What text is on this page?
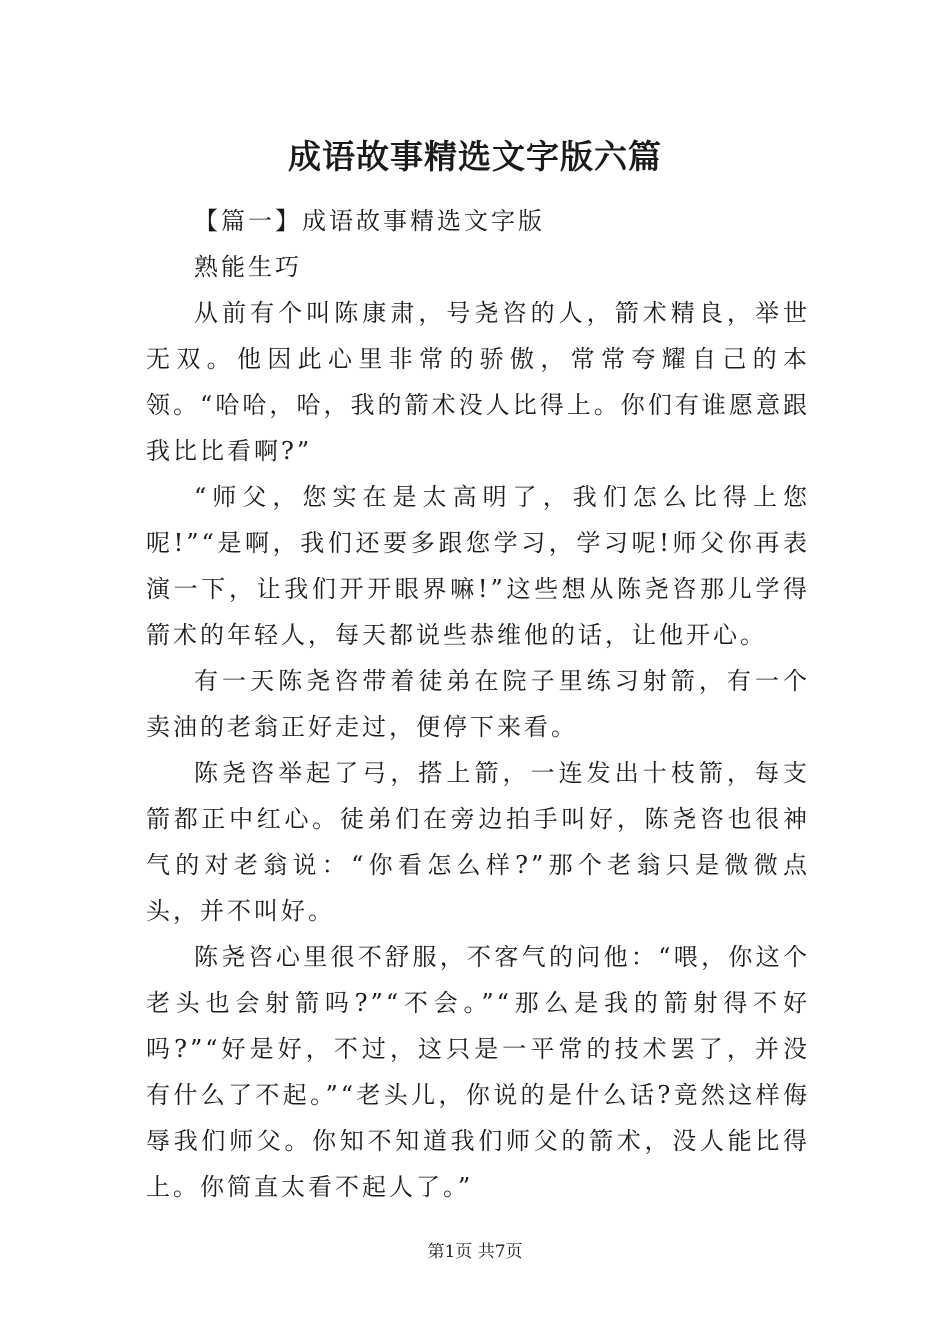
成语故事精选文字版六篇

【篇一】成语故事精选文字版

熟能生巧

从前有个叫陈康肃，号尧咨的人，箭术精良，举世无双。他因此心里非常的骄傲，常常夸耀自己的本领。“哈哈，哈，我的箭术没人比得上。你们有谁愿意跟我比比看啊?”

“师父，您实在是太高明了，我们怎么比得上您呢!”“是啊，我们还要多跟您学习，学习呢!师父你再表演一下，让我们开开眼界嘛!”这些想从陈尧咨那儿学得箭术的年轻人，每天都说些恭维他的话，让他开心。

有一天陈尧咨带着徒弟在院子里练习射箭，有一个卖油的老翁正好走过，便停下来看。

陈尧咨举起了弓，搭上箭，一连发出十枝箭，每支箭都正中红心。徒弟们在旁边拍手叫好，陈尧咨也很神气的对老翁说：“你看怎么样?”那个老翁只是微微点头，并不叫好。

陈尧咨心里很不舒服，不客气的问他：“喂，你这个老头也会射箭吗?”“不会。”“那么是我的箭射得不好吗?”“好是好，不过，这只是一平常的技术罢了，并没有什么了不起。”“老头儿，你说的是什么话?竟然这样侮辱我们师父。你知不知道我们师父的箭术，没人能比得上。你简直太看不起人了。”

第1页 共7页
